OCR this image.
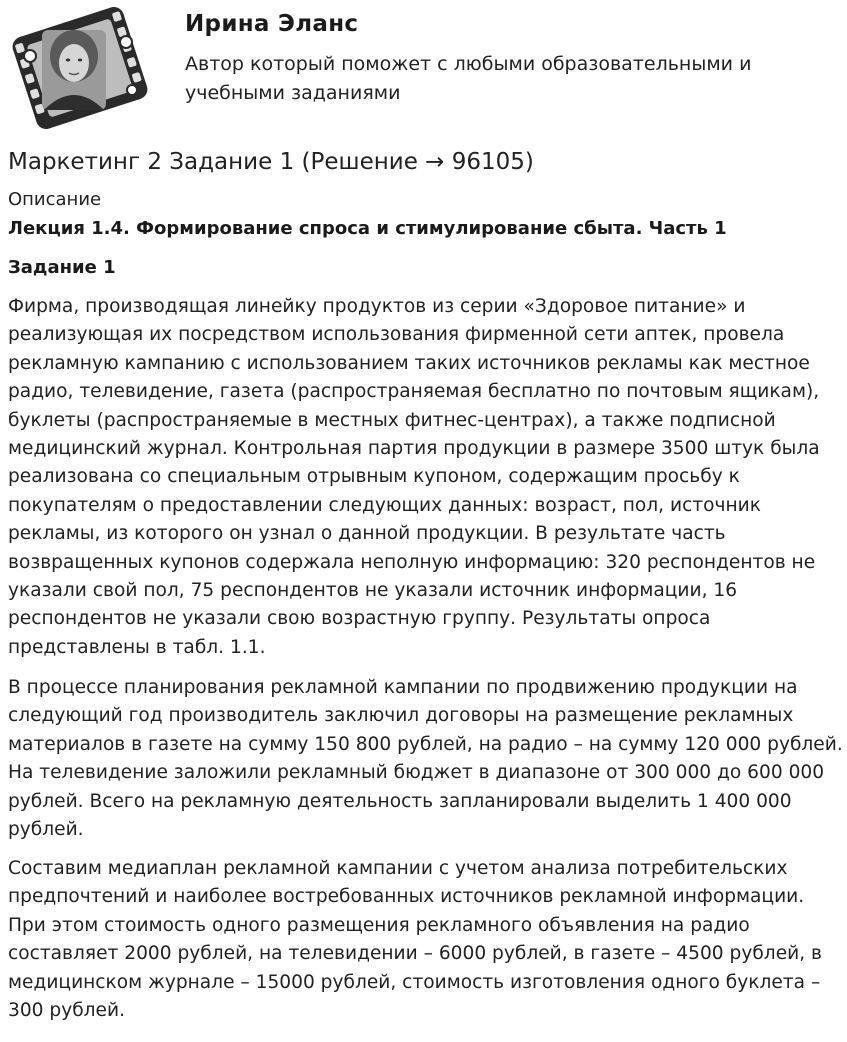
Ирина Эланс
Автор который поможет с любыми образовательными и учебными заданиями
Маркетинг 2 Задание 1 (Решение → 96105)
Описание
Лекция 1.4. Формирование спроса и стимулирование сбыта. Часть 1
Задание 1

Фирма, производящая линейку продуктов из серии «Здоровое питание» и реализующая их посредством использования фирменной сети аптек, провела рекламную кампанию с использованием таких источников рекламы как местное радио, телевидение, газета (распространяемая бесплатно по почтовым ящикам), буклеты (распространяемые в местных фитнес-центрах), а также подписной медицинский журнал. Контрольная партия продукции в размере 3500 штук была реализована со специальным отрывным купоном, содержащим просьбу к покупателям о предоставлении следующих данных: возраст, пол, источник рекламы, из которого он узнал о данной продукции. В результате часть возвращенных купонов содержала неполную информацию: 320 респондентов не указали свой пол, 75 респондентов не указали источник информации, 16 респондентов не указали свою возрастную группу. Результаты опроса представлены в табл. 1.1.

В процессе планирования рекламной кампании по продвижению продукции на следующий год производитель заключил договоры на размещение рекламных материалов в газете на сумму 150 800 рублей, на радио – на сумму 120 000 рублей. На телевидение заложили рекламный бюджет в диапазоне от 300 000 до 600 000 рублей. Всего на рекламную деятельность запланировали выделить 1 400 000 рублей.

Составим медиаплан рекламной кампании с учетом анализа потребительских предпочтений и наиболее востребованных источников рекламной информации. При этом стоимость одного размещения рекламного объявления на радио составляет 2000 рублей, на телевидении – 6000 рублей, в газете – 4500 рублей, в медицинском журнале – 15000 рублей, стоимость изготовления одного буклета – 300 рублей.
